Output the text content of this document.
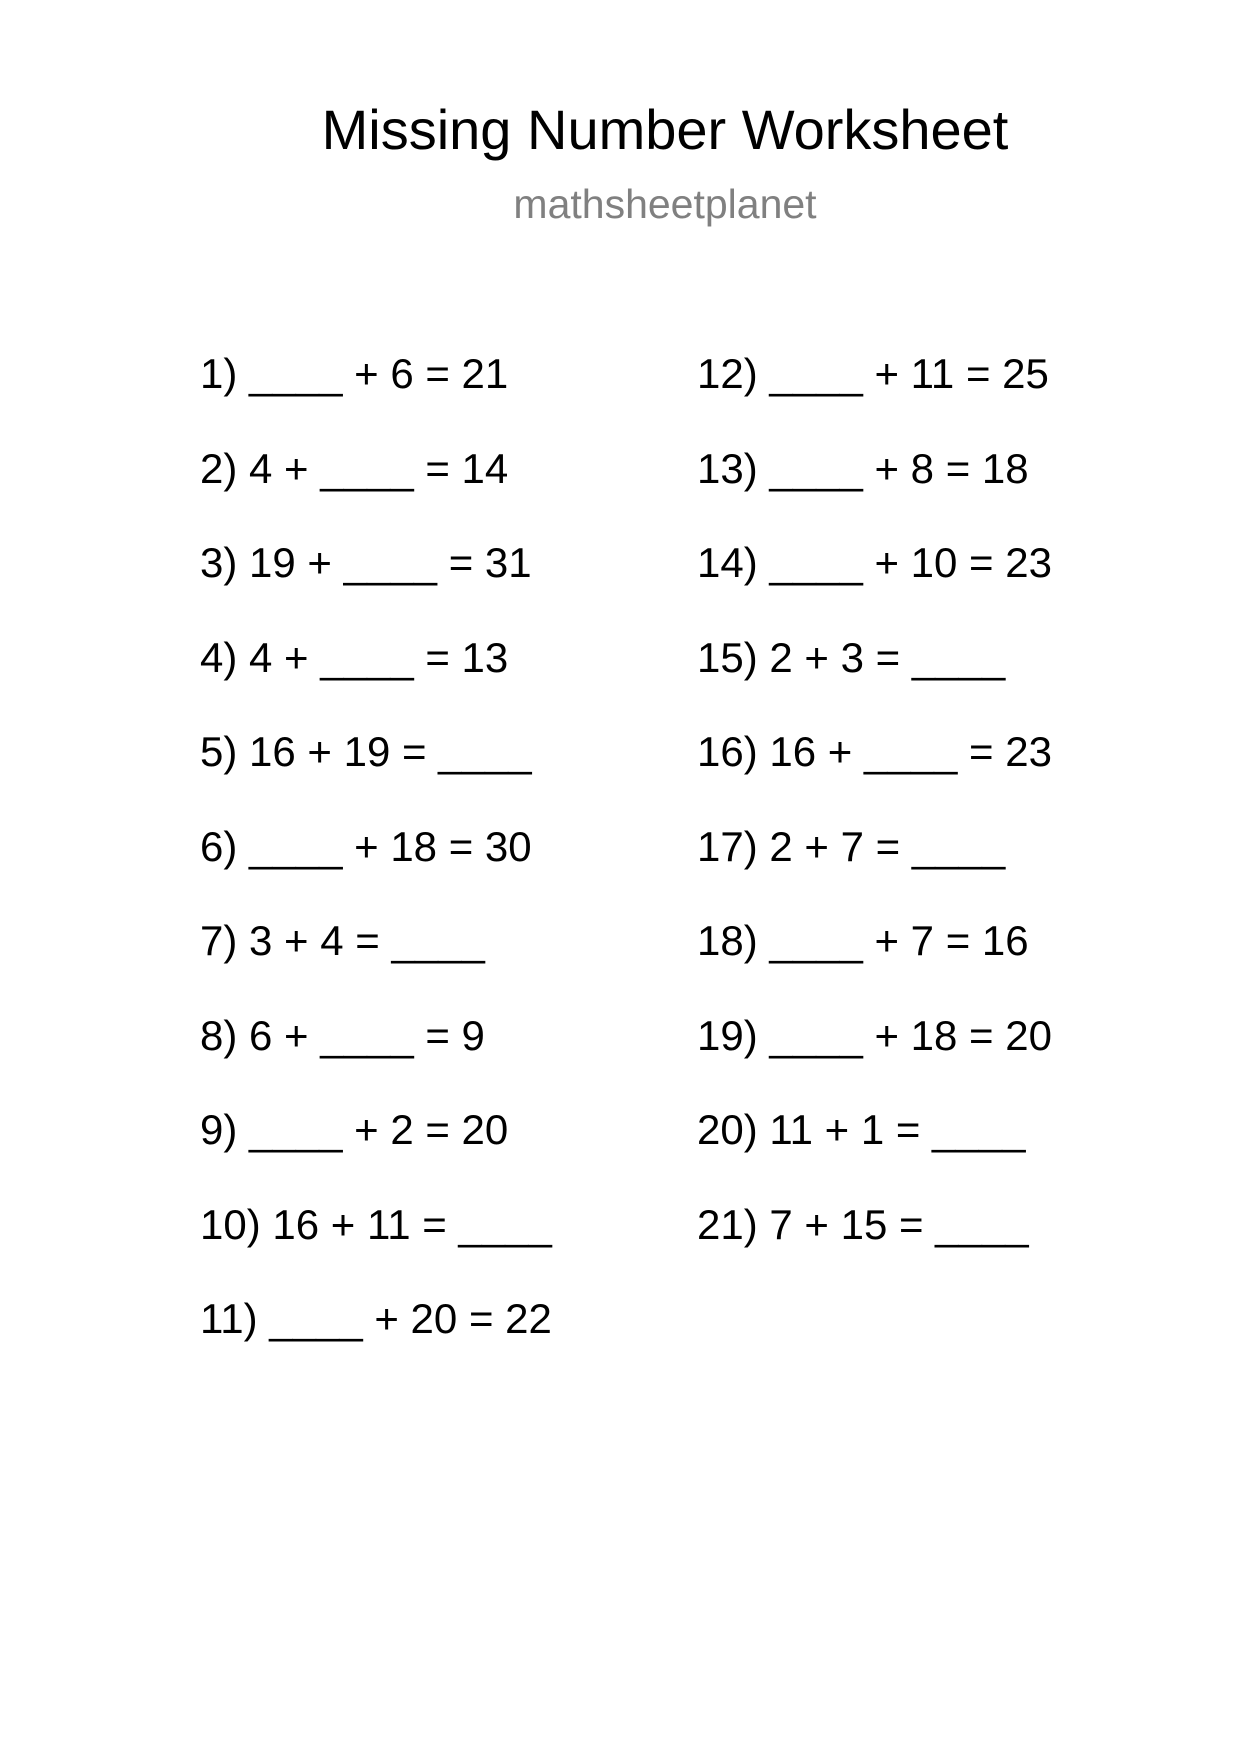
Missing Number Worksheet
mathsheetplanet
1) ____ + 6 = 21
2) 4 + ____ = 14
3) 19 + ____ = 31
4) 4 + ____ = 13
5) 16 + 19 = ____
6) ____ + 18 = 30
7) 3 + 4 = ____
8) 6 + ____ = 9
9) ____ + 2 = 20
10) 16 + 11 = ____
11) ____ + 20 = 22
12) ____ + 11 = 25
13) ____ + 8 = 18
14) ____ + 10 = 23
15) 2 + 3 = ____
16) 16 + ____ = 23
17) 2 + 7 = ____
18) ____ + 7 = 16
19) ____ + 18 = 20
20) 11 + 1 = ____
21) 7 + 15 = ____
